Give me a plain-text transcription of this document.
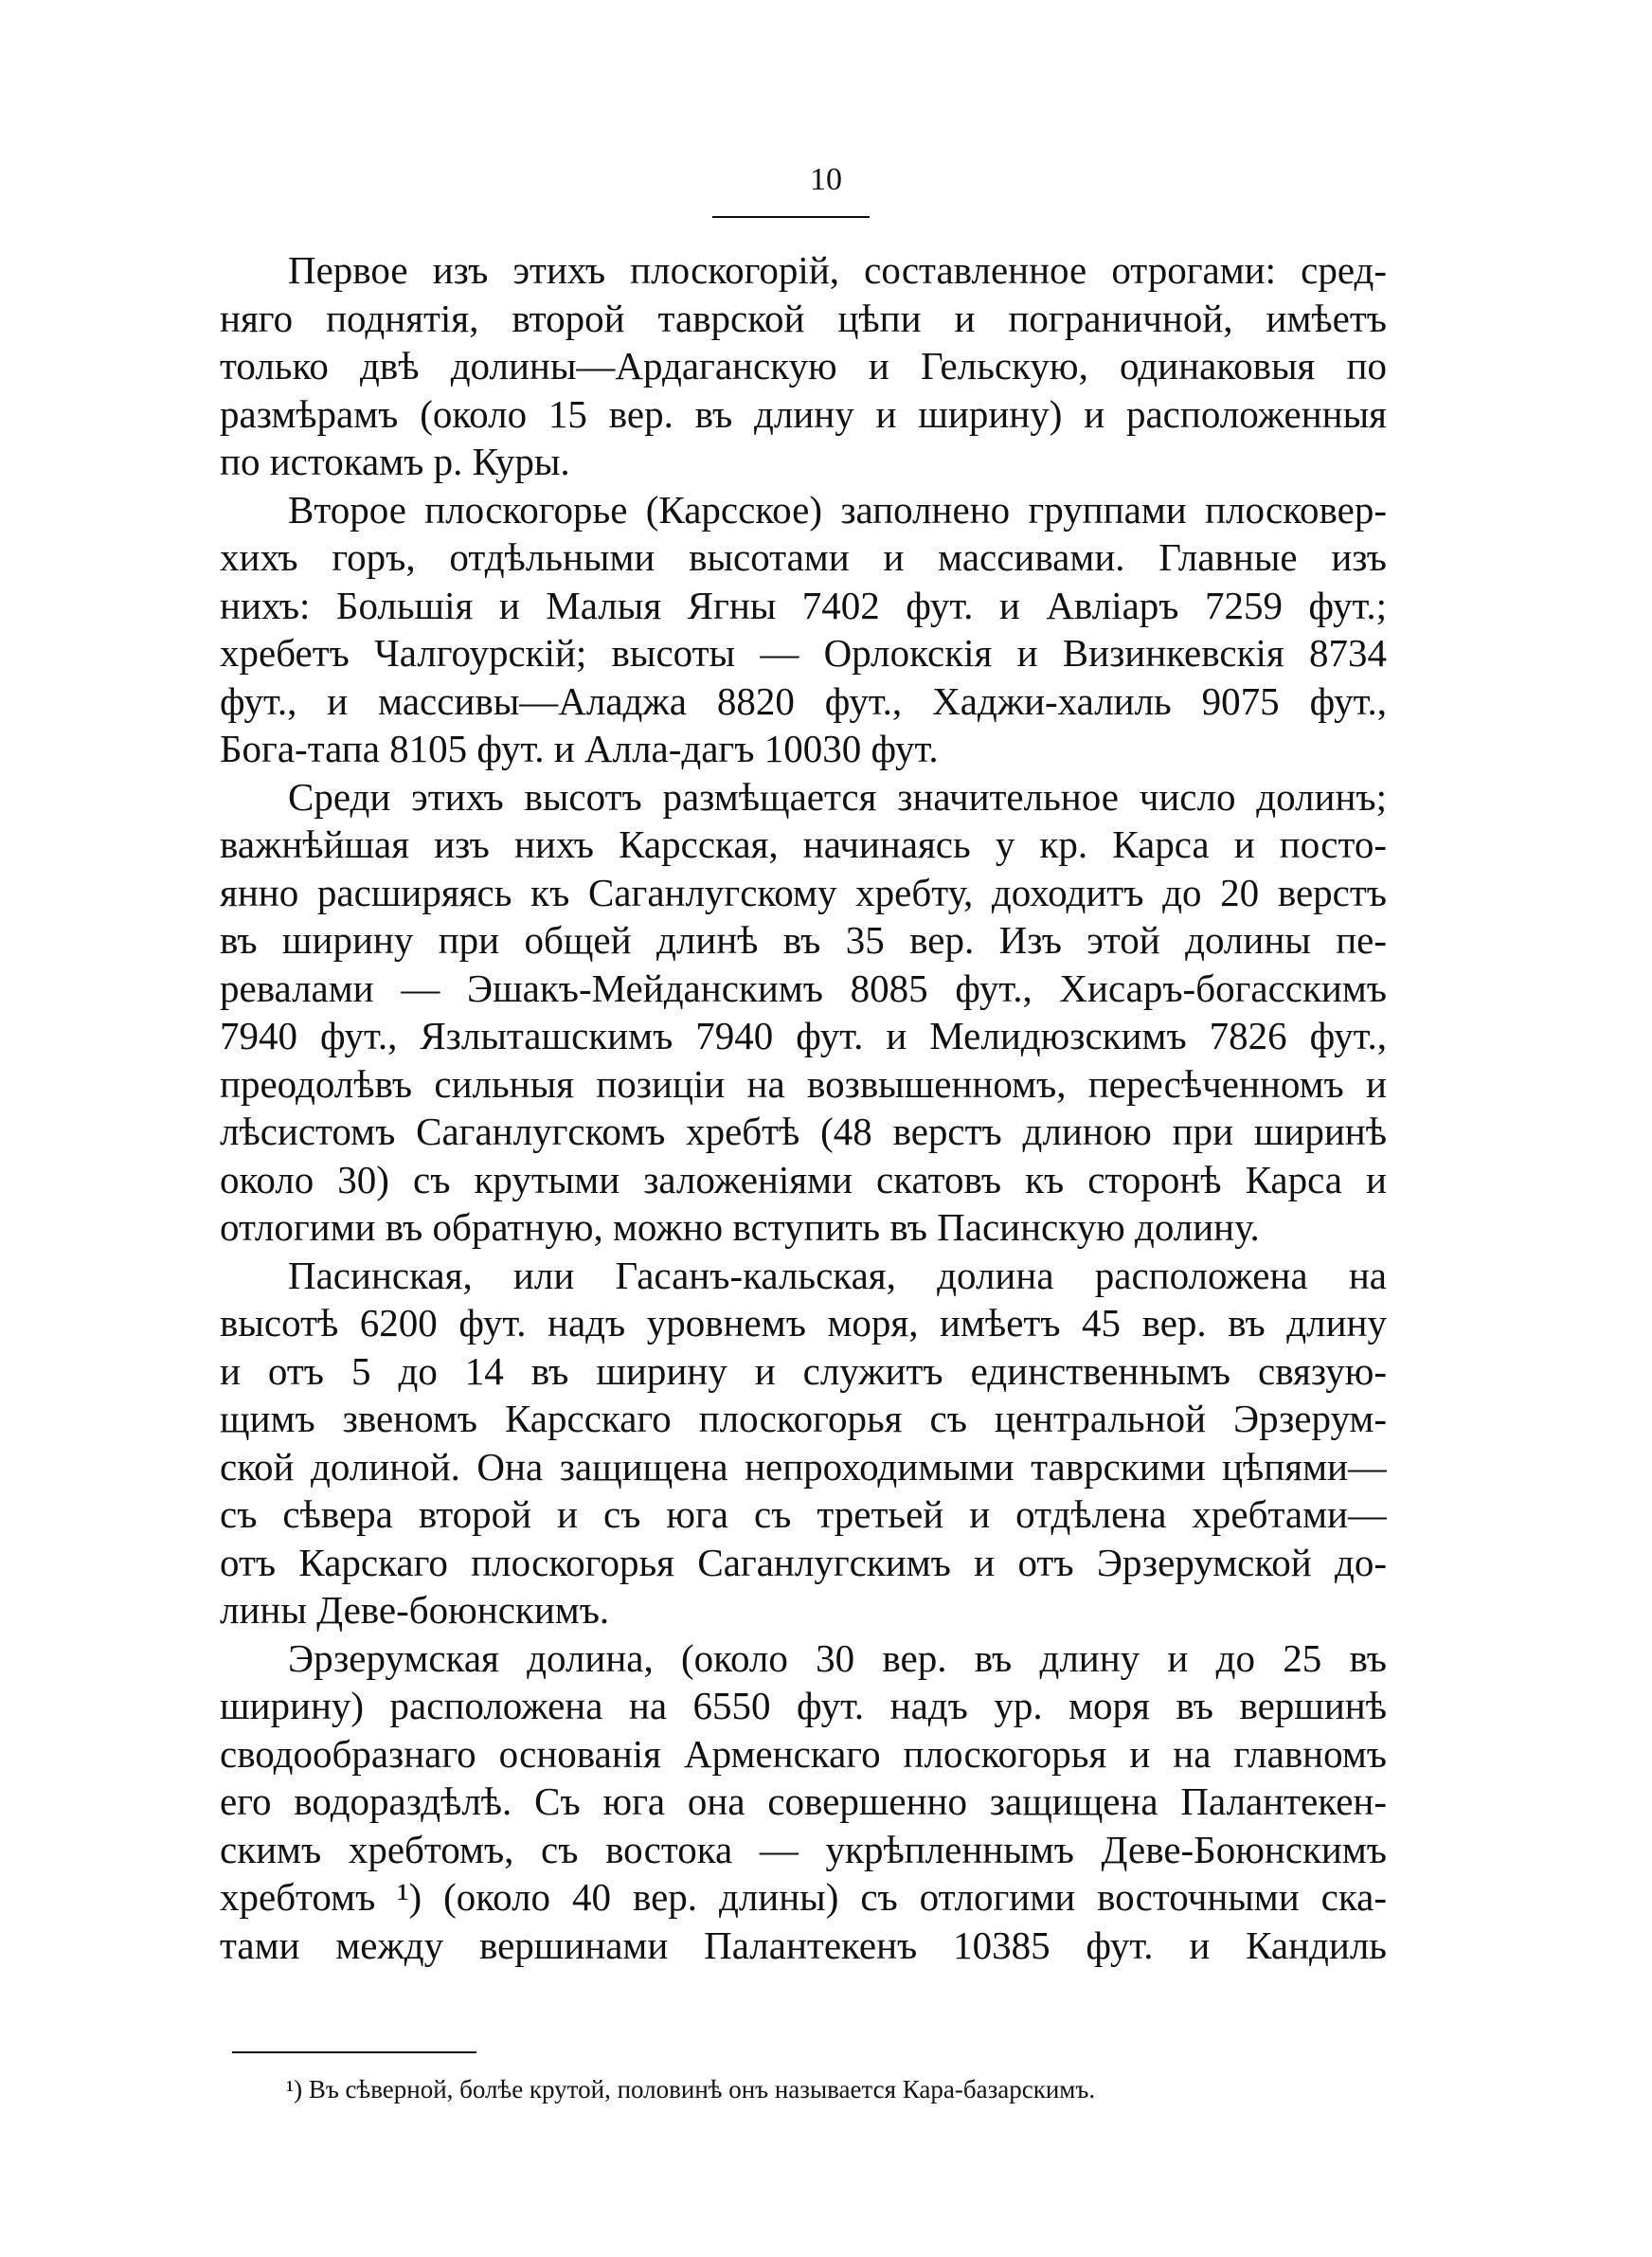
10
Первое изъ этихъ плоскогорій, составленное отрогами: сред-
няго поднятія, второй таврской цѣпи и пограничной, имѣетъ
только двѣ долины—Ардаганскую и Гельскую, одинаковыя по
размѣрамъ (около 15 вер. въ длину и ширину) и расположенныя
по истокамъ р. Куры.
Второе плоскогорье (Карсское) заполнено группами плосковер-
хихъ горъ, отдѣльными высотами и массивами. Главные изъ
нихъ: Большія и Малыя Ягны 7402 фут. и Авліаръ 7259 фут.;
хребетъ Чалгоурскій; высоты — Орлокскія и Визинкевскія 8734
фут., и массивы—Аладжа 8820 фут., Хаджи-халиль 9075 фут.,
Бога-тапа 8105 фут. и Алла-дагъ 10030 фут.
Среди этихъ высотъ размѣщается значительное число долинъ;
важнѣйшая изъ нихъ Карсская, начинаясь у кр. Карса и посто-
янно расширяясь къ Саганлугскому хребту, доходитъ до 20 верстъ
въ ширину при общей длинѣ въ 35 вер. Изъ этой долины пе-
ревалами — Эшакъ-Мейданскимъ 8085 фут., Хисаръ-богасскимъ
7940 фут., Язлыташскимъ 7940 фут. и Мелидюзскимъ 7826 фут.,
преодолѣвъ сильныя позиціи на возвышенномъ, пересѣченномъ и
лѣсистомъ Саганлугскомъ хребтѣ (48 верстъ длиною при ширинѣ
около 30) съ крутыми заложеніями скатовъ къ сторонѣ Карса и
отлогими въ обратную, можно вступить въ Пасинскую долину.
Пасинская, или Гасанъ-кальская, долина расположена на
высотѣ 6200 фут. надъ уровнемъ моря, имѣетъ 45 вер. въ длину
и отъ 5 до 14 въ ширину и служитъ единственнымъ связую-
щимъ звеномъ Карсскаго плоскогорья съ центральной Эрзерум-
ской долиной. Она защищена непроходимыми таврскими цѣпями—
съ сѣвера второй и съ юга съ третьей и отдѣлена хребтами—
отъ Карскаго плоскогорья Саганлугскимъ и отъ Эрзерумской до-
лины Деве-боюнскимъ.
Эрзерумская долина, (около 30 вер. въ длину и до 25 въ
ширину) расположена на 6550 фут. надъ ур. моря въ вершинѣ
сводообразнаго основанія Арменскаго плоскогорья и на главномъ
его водораздѣлѣ. Съ юга она совершенно защищена Палантекен-
скимъ хребтомъ, съ востока — укрѣпленнымъ Деве-Боюнскимъ
хребтомъ ¹) (около 40 вер. длины) съ отлогими восточными ска-
тами между вершинами Палантекенъ 10385 фут. и Кандиль
¹) Въ сѣверной, болѣе крутой, половинѣ онъ называется Кара-базарскимъ.
